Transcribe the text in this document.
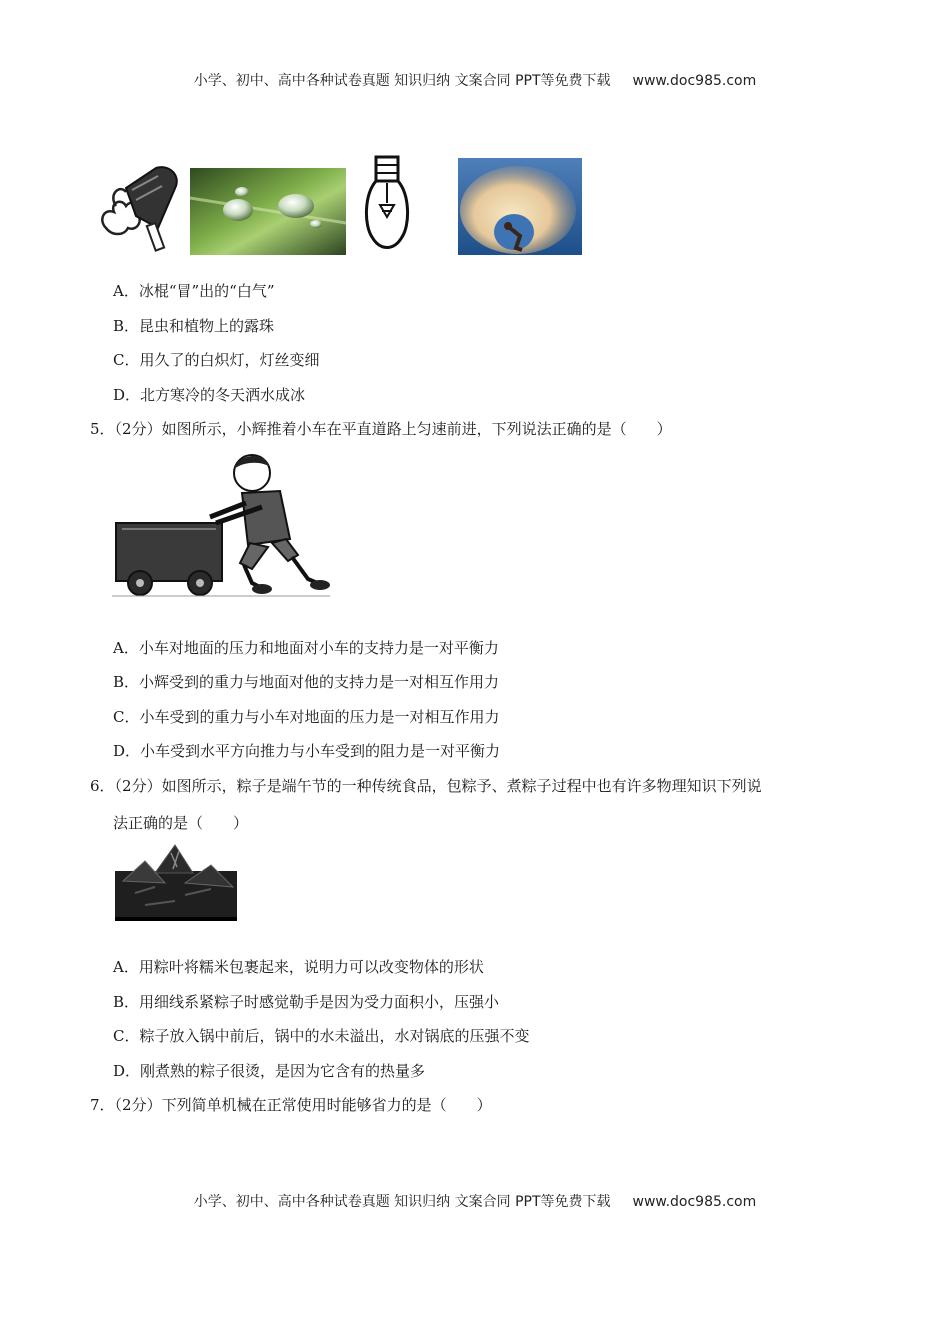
小学、初中、高中各种试卷真题 知识归纳 文案合同 PPT等免费下载 www.doc985.com
A．冰棍“冒”出的“白气”
B．昆虫和植物上的露珠
C．用久了的白炽灯，灯丝变细
D．北方寒冷的冬天洒水成冰
5．（2分）如图所示，小辉推着小车在平直道路上匀速前进，下列说法正确的是（　　）
A．小车对地面的压力和地面对小车的支持力是一对平衡力
B．小辉受到的重力与地面对他的支持力是一对相互作用力
C．小车受到的重力与小车对地面的压力是一对相互作用力
D．小车受到水平方向推力与小车受到的阻力是一对平衡力
6．（2分）如图所示，粽子是端午节的一种传统食品，包粽予、煮粽子过程中也有许多物理知识下列说
法正确的是（　　）
A．用粽叶将糯米包裹起来，说明力可以改变物体的形状
B．用细线系紧粽子时感觉勒手是因为受力面积小，压强小
C．粽子放入锅中前后，锅中的水未溢出，水对锅底的压强不变
D．刚煮熟的粽子很烫，是因为它含有的热量多
7．（2分）下列简单机械在正常使用时能够省力的是（　　）
小学、初中、高中各种试卷真题 知识归纳 文案合同 PPT等免费下载 www.doc985.com
